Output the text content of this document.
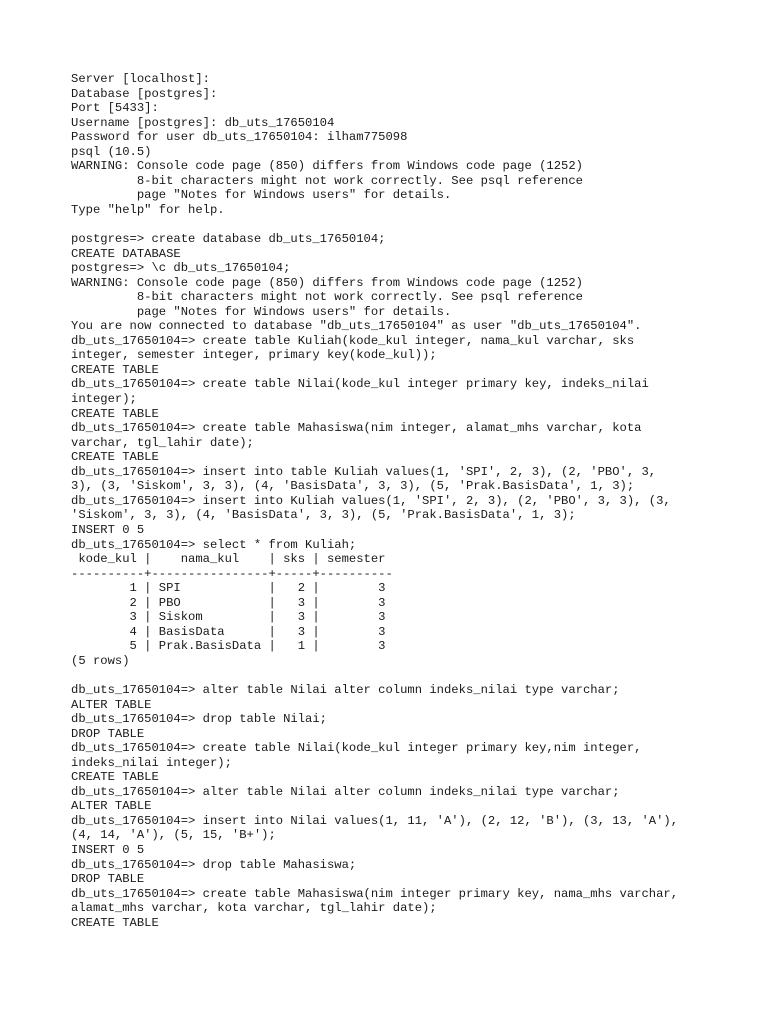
Server [localhost]:
Database [postgres]:
Port [5433]:
Username [postgres]: db_uts_17650104
Password for user db_uts_17650104: ilham775098
psql (10.5)
WARNING: Console code page (850) differs from Windows code page (1252)
8-bit characters might not work correctly. See psql reference
page "Notes for Windows users" for details.
Type "help" for help.
postgres=> create database db_uts_17650104;
CREATE DATABASE
postgres=> \c db_uts_17650104;
WARNING: Console code page (850) differs from Windows code page (1252)
8-bit characters might not work correctly. See psql reference
page "Notes for Windows users" for details.
You are now connected to database "db_uts_17650104" as user "db_uts_17650104".
db_uts_17650104=> create table Kuliah(kode_kul integer, nama_kul varchar, sks
integer, semester integer, primary key(kode_kul));
CREATE TABLE
db_uts_17650104=> create table Nilai(kode_kul integer primary key, indeks_nilai
integer);
CREATE TABLE
db_uts_17650104=> create table Mahasiswa(nim integer, alamat_mhs varchar, kota
varchar, tgl_lahir date);
CREATE TABLE
db_uts_17650104=> insert into table Kuliah values(1, 'SPI', 2, 3), (2, 'PBO', 3,
3), (3, 'Siskom', 3, 3), (4, 'BasisData', 3, 3), (5, 'Prak.BasisData', 1, 3);
db_uts_17650104=> insert into Kuliah values(1, 'SPI', 2, 3), (2, 'PBO', 3, 3), (3,
'Siskom', 3, 3), (4, 'BasisData', 3, 3), (5, 'Prak.BasisData', 1, 3);
INSERT 0 5
db_uts_17650104=> select * from Kuliah;
kode_kul |    nama_kul    | sks | semester
----------+----------------+-----+----------
1 | SPI            |   2 |        3
2 | PBO            |   3 |        3
3 | Siskom         |   3 |        3
4 | BasisData      |   3 |        3
5 | Prak.BasisData |   1 |        3
(5 rows)
db_uts_17650104=> alter table Nilai alter column indeks_nilai type varchar;
ALTER TABLE
db_uts_17650104=> drop table Nilai;
DROP TABLE
db_uts_17650104=> create table Nilai(kode_kul integer primary key,nim integer,
indeks_nilai integer);
CREATE TABLE
db_uts_17650104=> alter table Nilai alter column indeks_nilai type varchar;
ALTER TABLE
db_uts_17650104=> insert into Nilai values(1, 11, 'A'), (2, 12, 'B'), (3, 13, 'A'),
(4, 14, 'A'), (5, 15, 'B+');
INSERT 0 5
db_uts_17650104=> drop table Mahasiswa;
DROP TABLE
db_uts_17650104=> create table Mahasiswa(nim integer primary key, nama_mhs varchar,
alamat_mhs varchar, kota varchar, tgl_lahir date);
CREATE TABLE
